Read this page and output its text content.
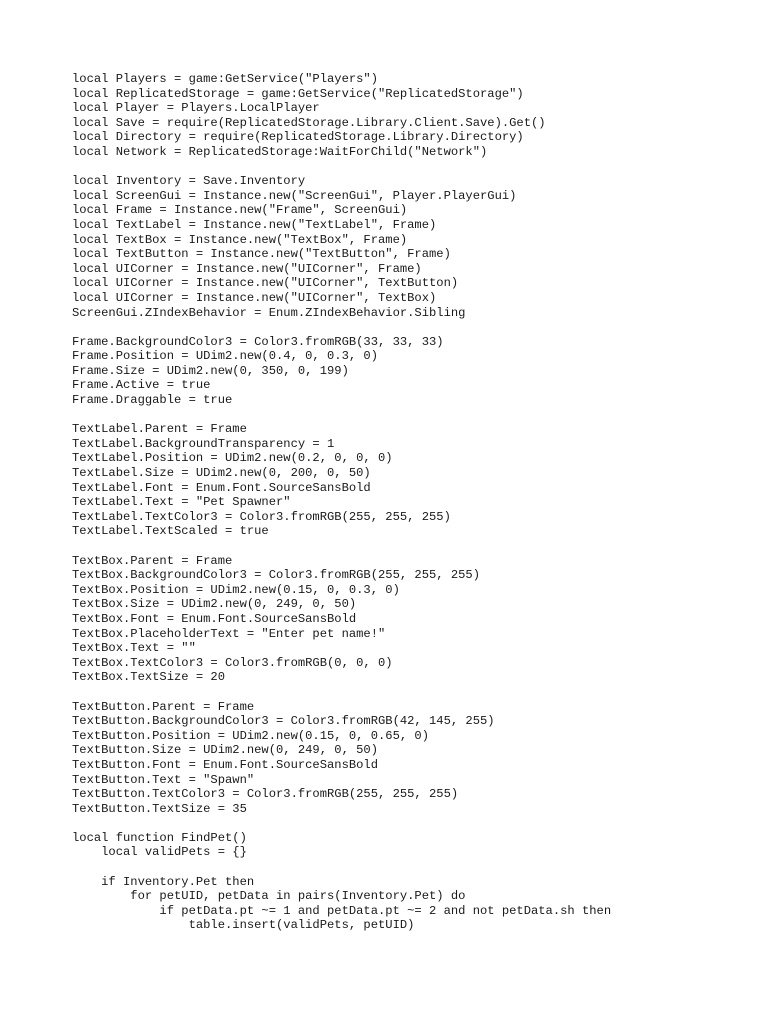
local Players = game:GetService("Players")
local ReplicatedStorage = game:GetService("ReplicatedStorage")
local Player = Players.LocalPlayer
local Save = require(ReplicatedStorage.Library.Client.Save).Get()
local Directory = require(ReplicatedStorage.Library.Directory)
local Network = ReplicatedStorage:WaitForChild("Network")
local Inventory = Save.Inventory
local ScreenGui = Instance.new("ScreenGui", Player.PlayerGui)
local Frame = Instance.new("Frame", ScreenGui)
local TextLabel = Instance.new("TextLabel", Frame)
local TextBox = Instance.new("TextBox", Frame)
local TextButton = Instance.new("TextButton", Frame)
local UICorner = Instance.new("UICorner", Frame)
local UICorner = Instance.new("UICorner", TextButton)
local UICorner = Instance.new("UICorner", TextBox)
ScreenGui.ZIndexBehavior = Enum.ZIndexBehavior.Sibling
Frame.BackgroundColor3 = Color3.fromRGB(33, 33, 33)
Frame.Position = UDim2.new(0.4, 0, 0.3, 0)
Frame.Size = UDim2.new(0, 350, 0, 199)
Frame.Active = true
Frame.Draggable = true
TextLabel.Parent = Frame
TextLabel.BackgroundTransparency = 1
TextLabel.Position = UDim2.new(0.2, 0, 0, 0)
TextLabel.Size = UDim2.new(0, 200, 0, 50)
TextLabel.Font = Enum.Font.SourceSansBold
TextLabel.Text = "Pet Spawner"
TextLabel.TextColor3 = Color3.fromRGB(255, 255, 255)
TextLabel.TextScaled = true
TextBox.Parent = Frame
TextBox.BackgroundColor3 = Color3.fromRGB(255, 255, 255)
TextBox.Position = UDim2.new(0.15, 0, 0.3, 0)
TextBox.Size = UDim2.new(0, 249, 0, 50)
TextBox.Font = Enum.Font.SourceSansBold
TextBox.PlaceholderText = "Enter pet name!"
TextBox.Text = ""
TextBox.TextColor3 = Color3.fromRGB(0, 0, 0)
TextBox.TextSize = 20
TextButton.Parent = Frame
TextButton.BackgroundColor3 = Color3.fromRGB(42, 145, 255)
TextButton.Position = UDim2.new(0.15, 0, 0.65, 0)
TextButton.Size = UDim2.new(0, 249, 0, 50)
TextButton.Font = Enum.Font.SourceSansBold
TextButton.Text = "Spawn"
TextButton.TextColor3 = Color3.fromRGB(255, 255, 255)
TextButton.TextSize = 35
local function FindPet()
local validPets = {}
if Inventory.Pet then
for petUID, petData in pairs(Inventory.Pet) do
if petData.pt ~= 1 and petData.pt ~= 2 and not petData.sh then
table.insert(validPets, petUID)
